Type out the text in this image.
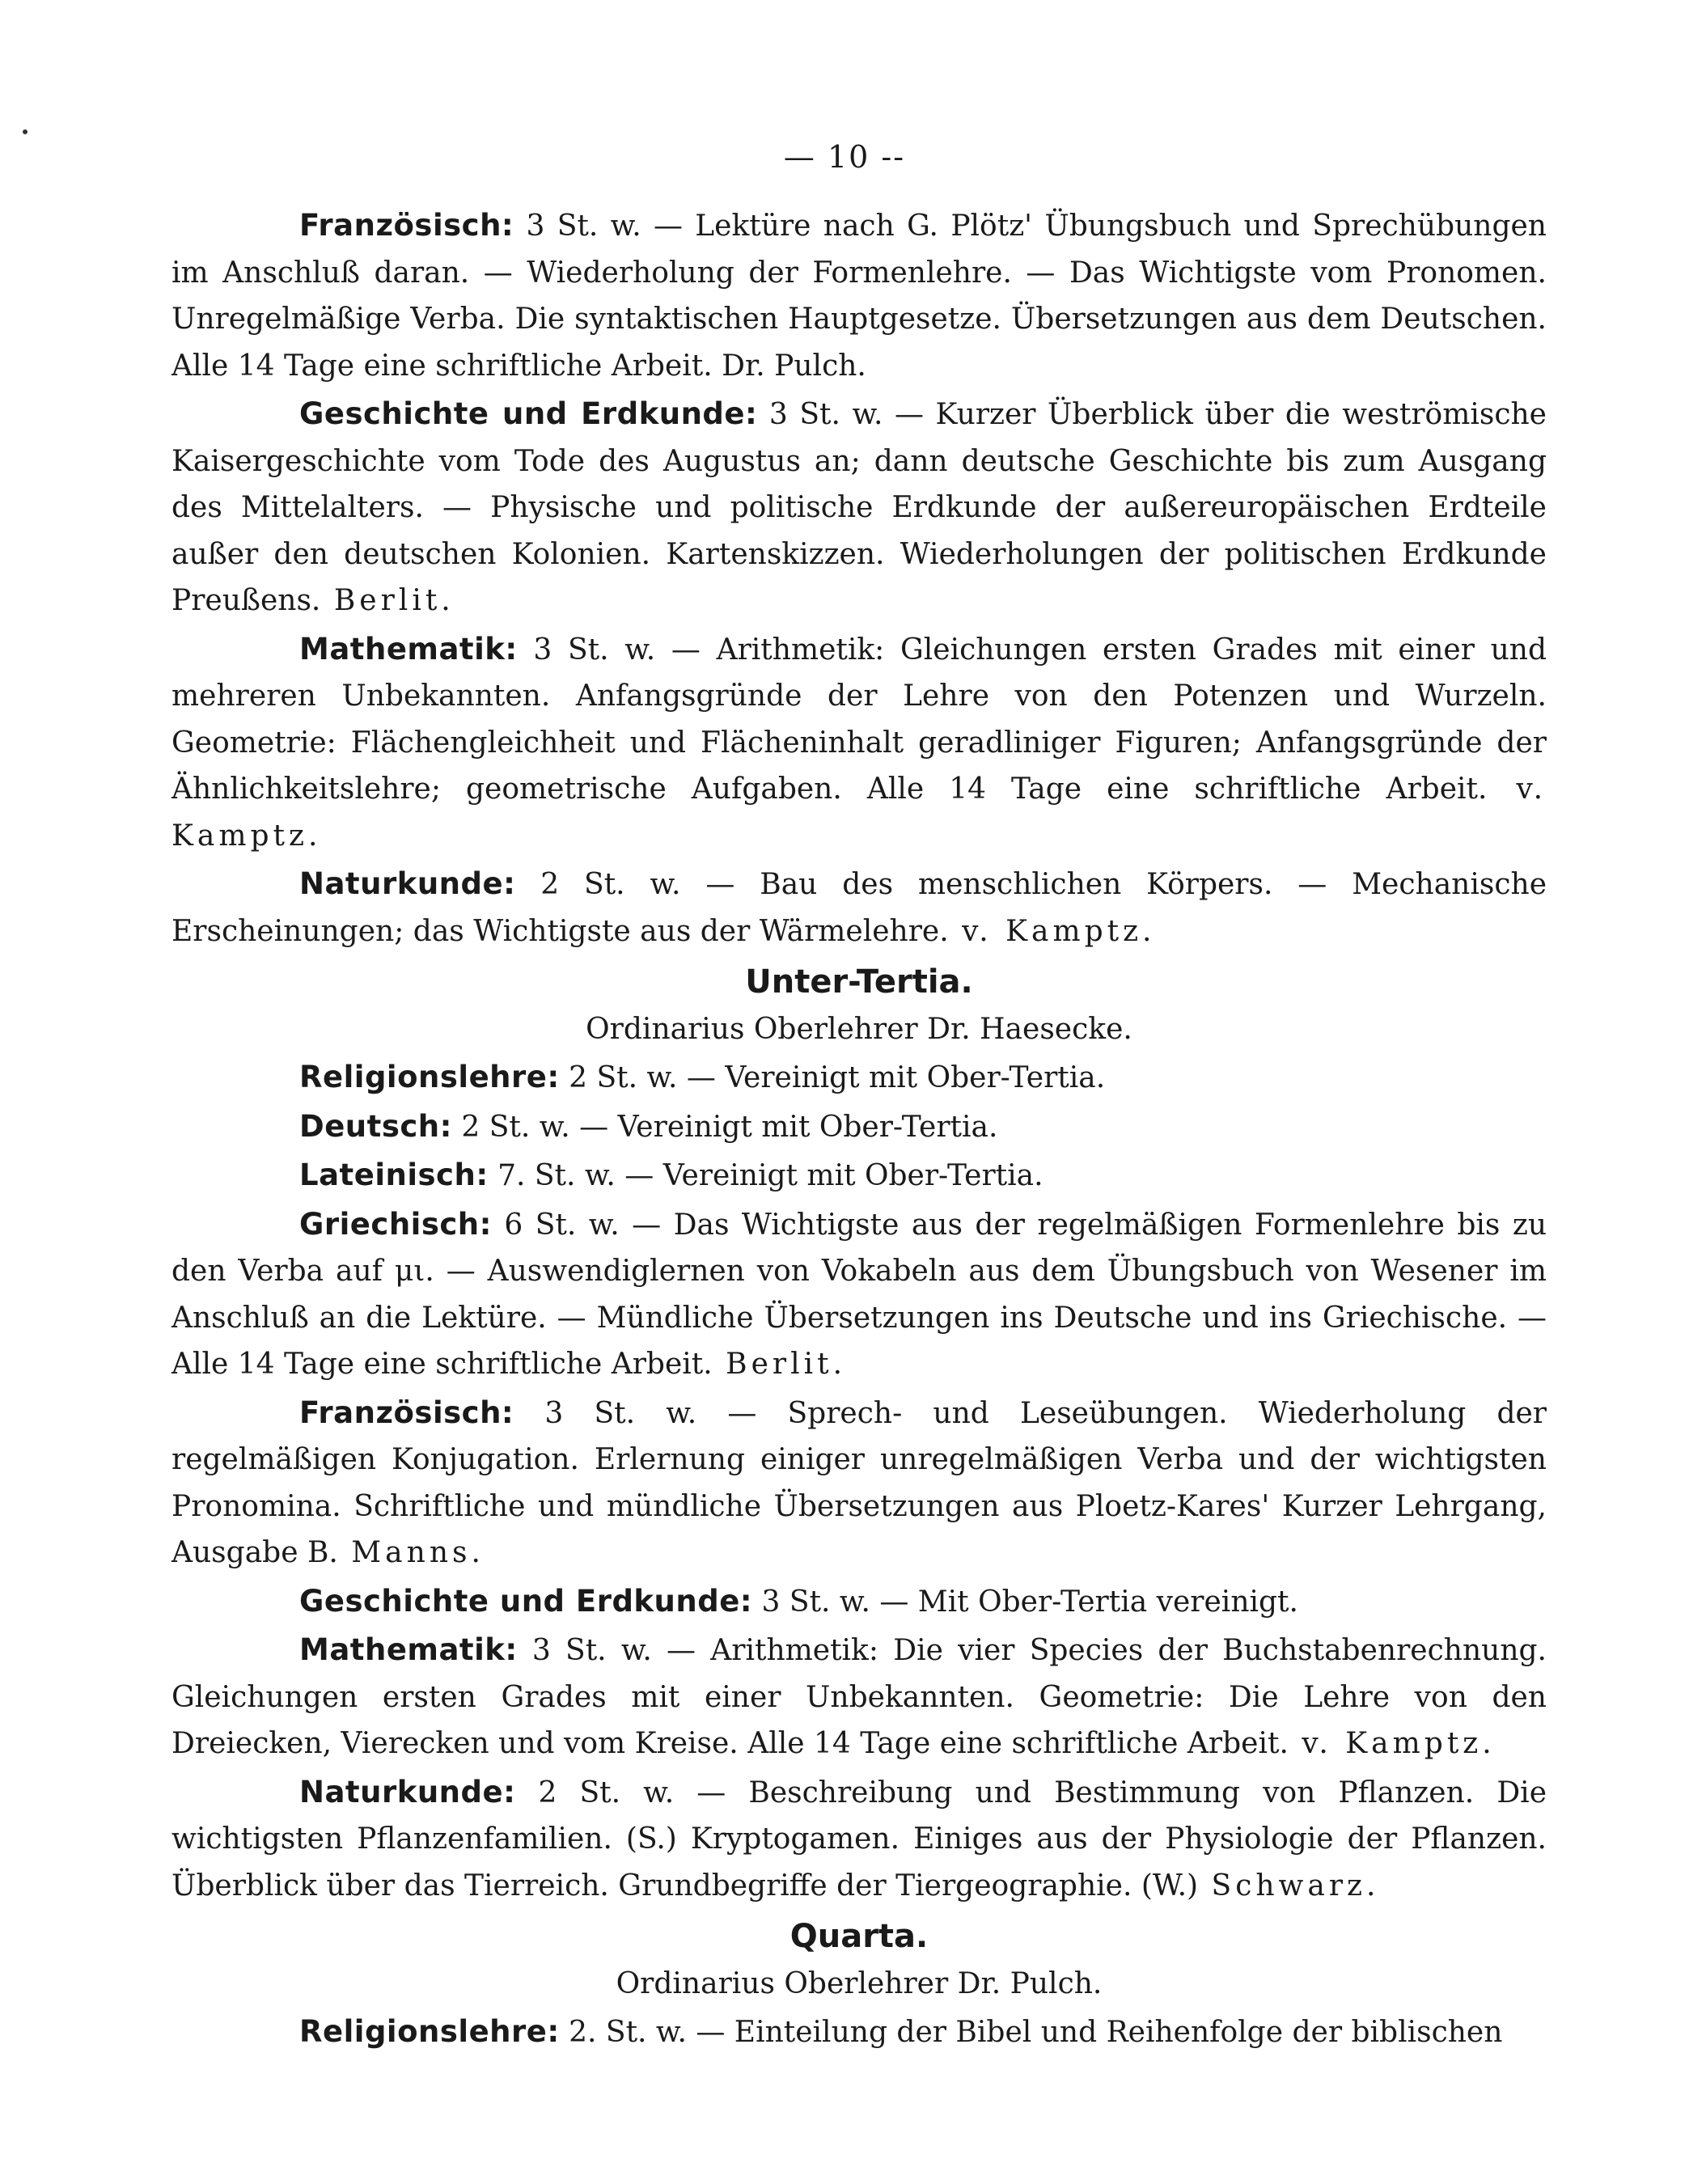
— 10 --

Französisch: 3 St. w. — Lektüre nach G. Plötz' Übungsbuch und Sprechübungen im Anschluß daran. — Wiederholung der Formenlehre. — Das Wichtigste vom Pronomen. Unregelmäßige Verba. Die syntaktischen Hauptgesetze. Übersetzungen aus dem Deutschen. Alle 14 Tage eine schriftliche Arbeit. Dr. Pulch.

Geschichte und Erdkunde: 3 St. w. — Kurzer Überblick über die weströmische Kaisergeschichte vom Tode des Augustus an; dann deutsche Geschichte bis zum Ausgang des Mittelalters. — Physische und politische Erdkunde der außereuropäischen Erdteile außer den deutschen Kolonien. Kartenskizzen. Wiederholungen der politischen Erdkunde Preußens. Berlit.

Mathematik: 3 St. w. — Arithmetik: Gleichungen ersten Grades mit einer und mehreren Unbekannten. Anfangsgründe der Lehre von den Potenzen und Wurzeln. Geometrie: Flächengleichheit und Flächeninhalt geradliniger Figuren; Anfangsgründe der Ähnlichkeitslehre; geometrische Aufgaben. Alle 14 Tage eine schriftliche Arbeit. v. Kamptz.

Naturkunde: 2 St. w. — Bau des menschlichen Körpers. — Mechanische Erscheinungen; das Wichtigste aus der Wärmelehre. v. Kamptz.

Unter-Tertia.
Ordinarius Oberlehrer Dr. Haesecke.

Religionslehre: 2 St. w. — Vereinigt mit Ober-Tertia.

Deutsch: 2 St. w. — Vereinigt mit Ober-Tertia.

Lateinisch: 7. St. w. — Vereinigt mit Ober-Tertia.

Griechisch: 6 St. w. — Das Wichtigste aus der regelmäßigen Formenlehre bis zu den Verba auf μι. — Auswendiglernen von Vokabeln aus dem Übungsbuch von Wesener im Anschluß an die Lektüre. — Mündliche Übersetzungen ins Deutsche und ins Griechische. — Alle 14 Tage eine schriftliche Arbeit. Berlit.

Französisch: 3 St. w. — Sprech- und Leseübungen. Wiederholung der regelmäßigen Konjugation. Erlernung einiger unregelmäßigen Verba und der wichtigsten Pronomina. Schriftliche und mündliche Übersetzungen aus Ploetz-Kares' Kurzer Lehrgang, Ausgabe B. Manns.

Geschichte und Erdkunde: 3 St. w. — Mit Ober-Tertia vereinigt.

Mathematik: 3 St. w. — Arithmetik: Die vier Species der Buchstabenrechnung. Gleichungen ersten Grades mit einer Unbekannten. Geometrie: Die Lehre von den Dreiecken, Vierecken und vom Kreise. Alle 14 Tage eine schriftliche Arbeit. v. Kamptz.

Naturkunde: 2 St. w. — Beschreibung und Bestimmung von Pflanzen. Die wichtigsten Pflanzenfamilien. (S.) Kryptogamen. Einiges aus der Physiologie der Pflanzen. Überblick über das Tierreich. Grundbegriffe der Tiergeographie. (W.) Schwarz.

Quarta.
Ordinarius Oberlehrer Dr. Pulch.

Religionslehre: 2. St. w. — Einteilung der Bibel und Reihenfolge der biblischen
